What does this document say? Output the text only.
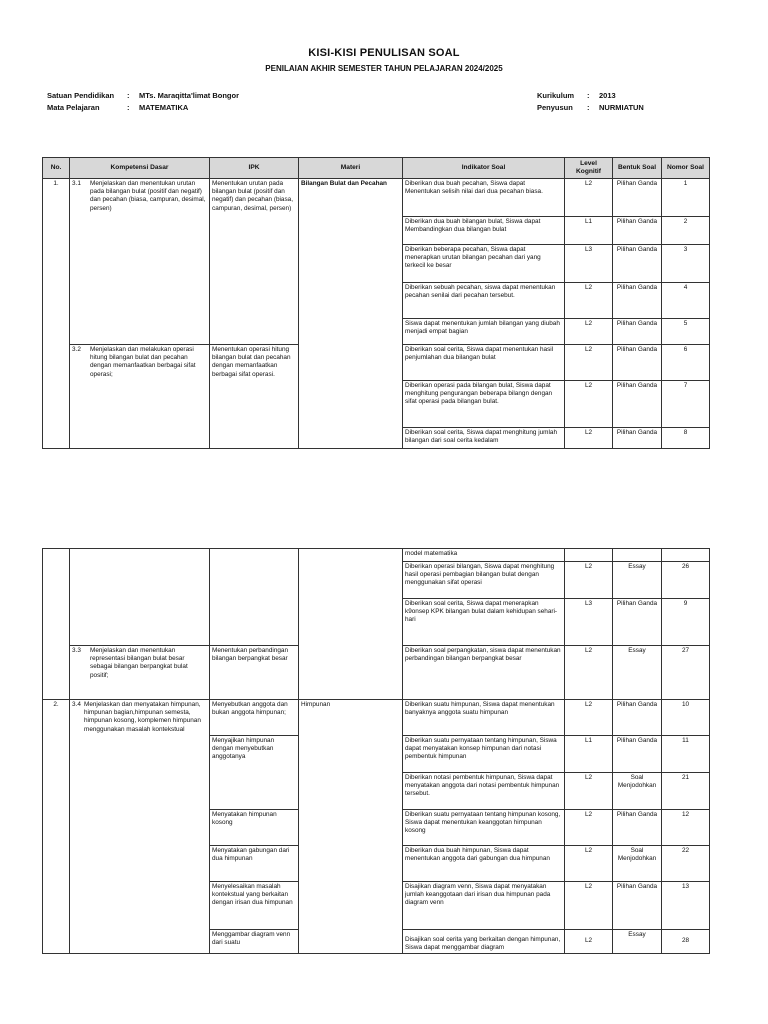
KISI-KISI PENULISAN SOAL
PENILAIAN AKHIR SEMESTER TAHUN PELAJARAN 2024/2025
Satuan Pendidikan	:	MTs. Maraqitta'limat Bongor
Mata Pelajaran	:	MATEMATIKA
Kurikulum	:	2013
Penyusun	:	NURMIATUN
No.	Kompetensi Dasar	IPK	Materi	Indikator Soal	Level Kognitif	Bentuk Soal	Nomor Soal
1.	3.1 Menjelaskan dan menentukan urutan pada bilangan bulat (positif dan negatif) dan pecahan (biasa, campuran, desimal, persen)	Menentukan urutan pada bilangan bulat (positif dan negatif) dan pecahan (biasa, campuran, desimal, persen)	Bilangan Bulat dan Pecahan	Diberikan dua buah pecahan, Siswa dapat Menentukan selisih nilai dari dua pecahan biasa.	L2	Pilihan Ganda	1
				Diberikan dua buah bilangan bulat, Siswa dapat Membandingkan dua bilangan bulat	L1	Pilihan Ganda	2
				Diberikan beberapa pecahan, Siswa dapat menerapkan urutan bilangan pecahan dari yang terkecil ke besar	L3	Pilihan Ganda	3
				Diberikan sebuah pecahan, siswa dapat menentukan pecahan senilai dari pecahan tersebut.	L2	Pilihan Ganda	4
				Siswa dapat menentukan jumlah bilangan yang diubah menjadi empat bagian	L2	Pilihan Ganda	5

	3.2 Menjelaskan dan melakukan operasi hitung bilangan bulat dan pecahan dengan memanfaatkan berbagai sifat operasi;	Menentukan operasi hitung bilangan bulat dan pecahan dengan memanfaatkan berbagai sifat operasi.		Diberikan soal cerita, Siswa dapat menentukan hasil penjumlahan dua bilangan bulat	L2	Pilihan Ganda	6
				Diberikan operasi pada bilangan bulat, Siswa dapat menghitung pengurangan beberapa bilangn dengan sifat operasi pada bilangan bulat.	L2	Pilihan Ganda	7
				Diberikan soal cerita, Siswa dapat menghitung jumlah bilangan dari soal cerita kedalam	L2	Pilihan Ganda	8
				model matematika			
				Diberikan operasi bilangan, Siswa dapat menghitung hasil operasi pembagian bilangan bulat dengan menggunakan sifat operasi	L2	Essay	26
				Diberikan soal cerita, Siswa dapat menerapkan k9onsep KPK bilangan bulat dalam kehidupan sehari-hari	L3	Pilihan Ganda	9

	3.3 Menjelaskan dan menentukan representasi bilangan bulat besar sebagai bilangan berpangkat bulat positif;	Menentukan perbandingan bilangan berpangkat besar		Diberikan soal perpangkatan, siswa dapat menentukan perbandingan bilangan berpangkat besar	L2	Essay	27
2.	3.4 Menjelaskan dan menyatakan himpunan, himpunan bagian,himpunan semesta, himpunan kosong, komplemen himpunan menggunakan masalah kontekstual	Menyebutkan anggota dan bukan anggota himpunan;	Himpunan	Diberikan suatu himpunan, Siswa dapat menentukan banyaknya anggota suatu himpunan	L2	Pilihan Ganda	10
		Menyajikan himpunan dengan menyebutkan anggotanya		Diberikan suatu pernyataan tentang himpunan, Siswa dapat menyatakan konsep himpunan dari notasi pembentuk himpunan	L1	Pilihan Ganda	11
				Diberikan notasi pembentuk himpunan, Siswa dapat menyatakan anggota dari notasi pembentuk himpunan tersebut.	L2	Soal Menjodohkan	21
		Menyatakan himpunan kosong		Diberikan suatu pernyataan tentang himpunan kosong, Siswa dapat menentukan keanggotan himpunan kosong	L2	Pilihan Ganda	12
		Menyatakan gabungan dari dua himpunan		Diberikan dua buah himpunan, Siswa dapat menentukan anggota dari gabungan dua himpunan	L2	Soal Menjodohkan	22
		Menyelesaikan masalah kontekstual yang berkaitan dengan irisan dua himpunan		Disajikan diagram venn, Siswa dapat menyatakan jumlah keanggotaan dari irisan dua himpunan pada diagram venn	L2	Pilihan Ganda	13
		Menggambar diagram venn dari suatu		Disajikan soal cerita yang berkaitan dengan himpunan, Siswa dapat menggambar diagram	L2	Essay	28
